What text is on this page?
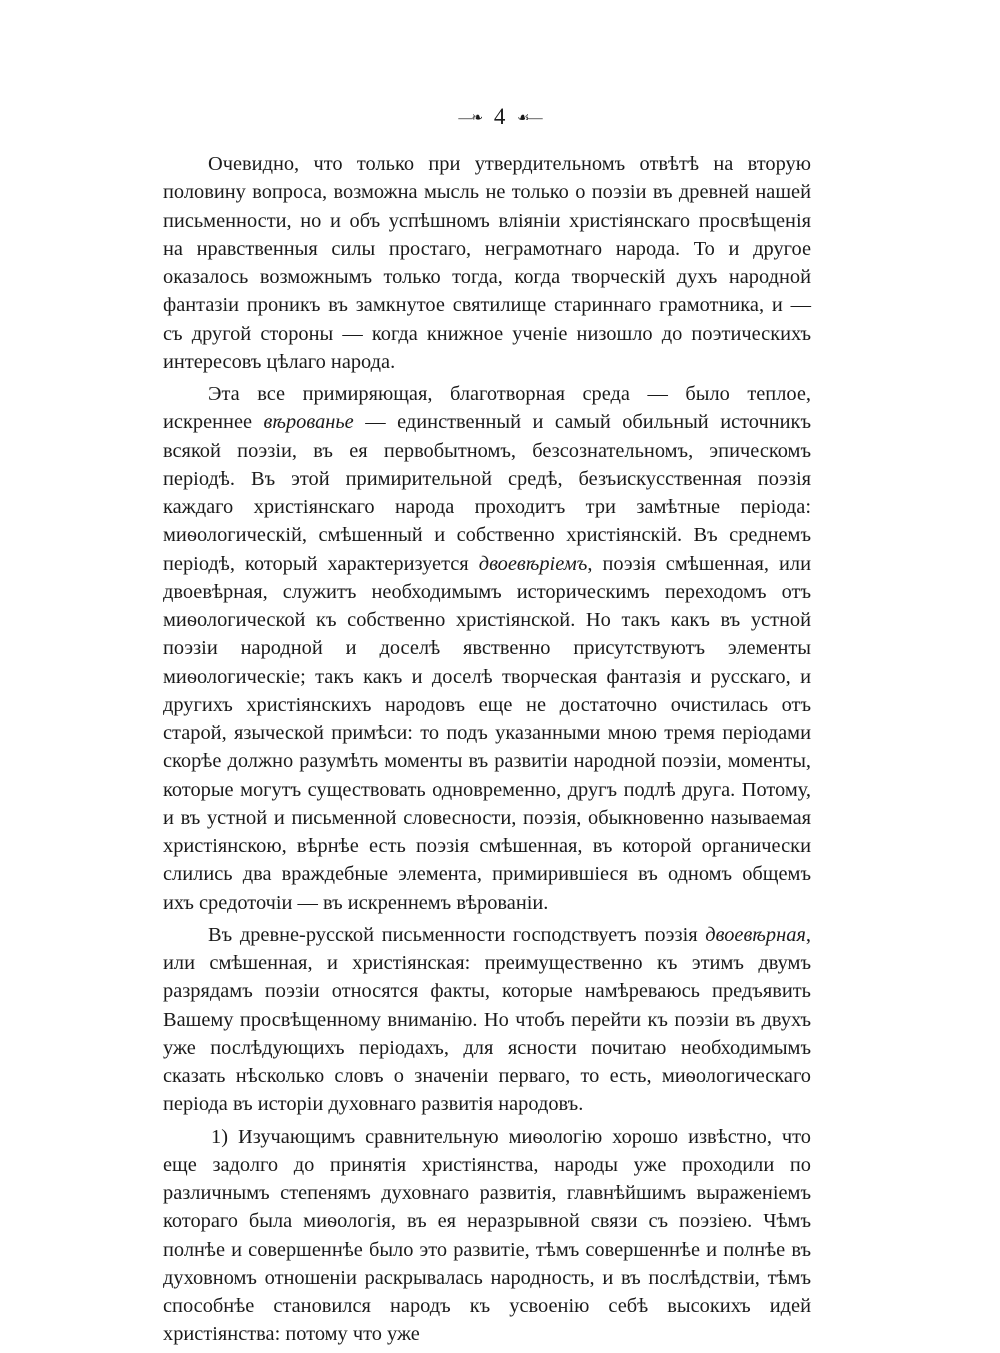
—❧ 4 ☙—

Очевидно, что только при утвердительномъ отвѣтѣ на вторую половину вопроса, возможна мысль не только о поэзіи въ древней нашей письменности, но и объ успѣшномъ вліяніи христіянскаго просвѣщенія на нравственныя силы простаго, неграмотнаго народа. То и другое оказалось возможнымъ только тогда, когда творческій духъ народной фантазіи проникъ въ замкнутое святилище стариннаго грамотника, и — съ другой стороны — когда книжное ученіе низошло до поэтическихъ интересовъ цѣлаго народа.

Эта все примиряющая, благотворная среда — было теплое, искреннее вѣрованье — единственный и самый обильный источникъ всякой поэзіи, въ ея первобытномъ, безсознательномъ, эпическомъ періодѣ. Въ этой примирительной средѣ, безъискусственная поэзія каждаго христіянскаго народа проходитъ три замѣтные періода: миѳологическій, смѣшенный и собственно христіянскій. Въ среднемъ періодѣ, который характеризуется двоевѣріемъ, поэзія смѣшенная, или двоевѣрная, служитъ необходимымъ историческимъ переходомъ отъ миѳологической къ собственно христіянской. Но такъ какъ въ устной поэзіи народной и доселѣ явственно присутствуютъ элементы миѳологическіе; такъ какъ и доселѣ творческая фантазія и русскаго, и другихъ христіянскихъ народовъ еще не достаточно очистилась отъ старой, языческой примѣси: то подъ указанными мною тремя періодами скорѣе должно разумѣть моменты въ развитіи народной поэзіи, моменты, которые могутъ существовать одновременно, другъ подлѣ друга. Потому, и въ устной и письменной словесности, поэзія, обыкновенно называемая христіянскою, вѣрнѣе есть поэзія смѣшенная, въ которой органически слились два враждебные элемента, примирившіеся въ одномъ общемъ ихъ средоточіи — въ искреннемъ вѣрованіи.

Въ древне-русской письменности господствуетъ поэзія двоевѣрная, или смѣшенная, и христіянская: преимущественно къ этимъ двумъ разрядамъ поэзіи относятся факты, которые намѣреваюсь предъявить Вашему просвѣщенному вниманію. Но чтобъ перейти къ поэзіи въ двухъ уже послѣдующихъ періодахъ, для ясности почитаю необходимымъ сказать нѣсколько словъ о значеніи перваго, то есть, миѳологическаго періода въ исторіи духовнаго развитія народовъ.

1) Изучающимъ сравнительную миѳологію хорошо извѣстно, что еще задолго до принятія христіянства, народы уже проходили по различнымъ степенямъ духовнаго развитія, главнѣйшимъ выраженіемъ котораго была миѳологія, въ ея неразрывной связи съ поэзіею. Чѣмъ полнѣе и совершеннѣе было это развитіе, тѣмъ совершеннѣе и полнѣе въ духовномъ отношеніи раскрывалась народность, и въ послѣдствіи, тѣмъ способнѣе становился народъ къ усвоенію себѣ высокихъ идей христіянства: потому что уже
